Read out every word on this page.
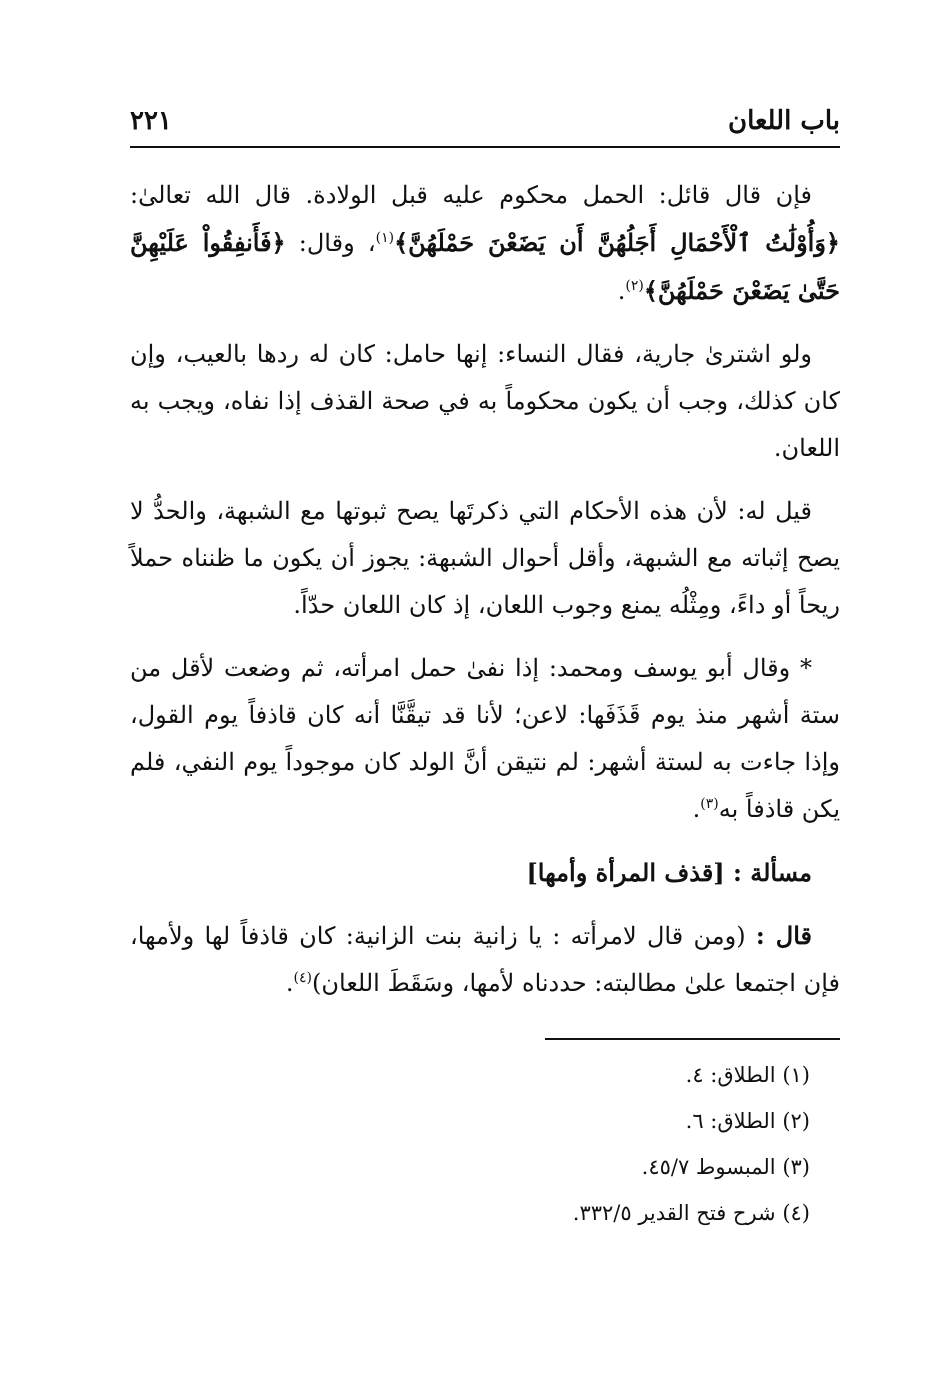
باب اللعان
٢٢١

فإن قال قائل: الحمل محكوم عليه قبل الولادة. قال الله تعالىٰ: ﴿وَأُوْلَٰتُ ٱلْأَحْمَالِ أَجَلُهُنَّ أَن يَضَعْنَ حَمْلَهُنَّ﴾$^{(١)}$، وقال: ﴿فَأَنفِقُواْ عَلَيْهِنَّ حَتَّىٰ يَضَعْنَ حَمْلَهُنَّ﴾$^{(٢)}$.

ولو اشترىٰ جارية، فقال النساء: إنها حامل: كان له ردها بالعيب، وإن كان كذلك، وجب أن يكون محكوماً به في صحة القذف إذا نفاه، ويجب به اللعان.

قيل له: لأن هذه الأحكام التي ذكرتَها يصح ثبوتها مع الشبهة، والحدُّ لا يصح إثباته مع الشبهة، وأقل أحوال الشبهة: يجوز أن يكون ما ظنناه حملاً ريحاً أو داءً، ومِثْلُه يمنع وجوب اللعان، إذ كان اللعان حدّاً.

* وقال أبو يوسف ومحمد: إذا نفىٰ حمل امرأته، ثم وضعت لأقل من ستة أشهر منذ يوم قَذَفَها: لاعن؛ لأنا قد تيقَّنَّا أنه كان قاذفاً يوم القول، وإذا جاءت به لستة أشهر: لم نتيقن أنَّ الولد كان موجوداً يوم النفي، فلم يكن قاذفاً به$^{(٣)}$.

مسألة : [قذف المرأة وأمها]

قال : (ومن قال لامرأته : يا زانية بنت الزانية: كان قاذفاً لها ولأمها، فإن اجتمعا علىٰ مطالبته: حددناه لأمها، وسَقَطَ اللعان)$^{(٤)}$.

(١) الطلاق: ٤.
(٢) الطلاق: ٦.
(٣) المبسوط ٤٥/٧.
(٤) شرح فتح القدير ٣٣٢/٥.
